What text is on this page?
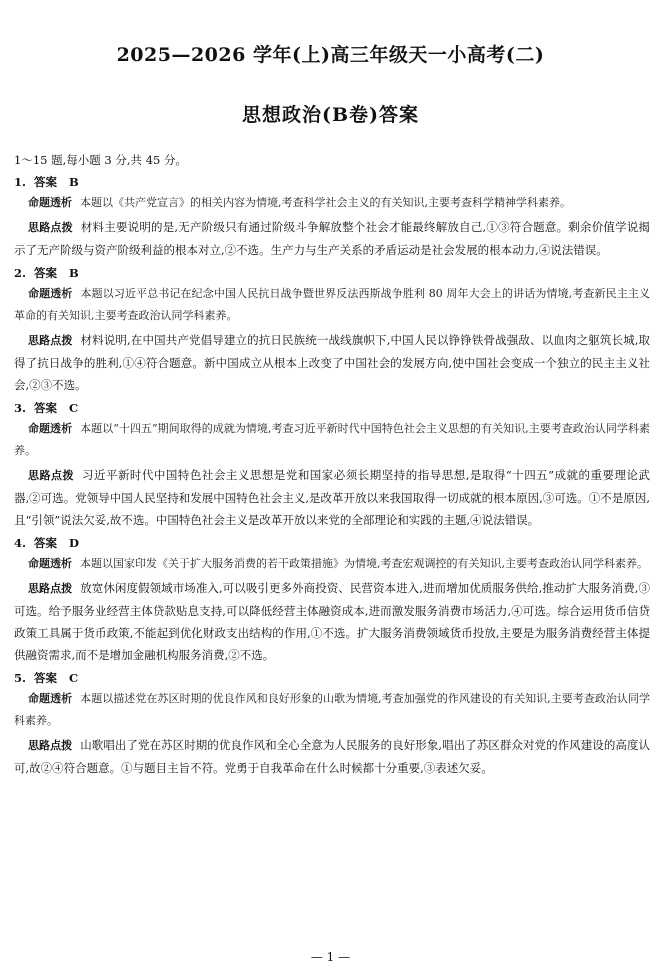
2025—2026 学年(上)高三年级天一小高考(二)
思想政治(B卷)答案
1～15 题,每小题 3 分,共 45 分。
1. 答案 B

命题透析 本题以《共产党宣言》的相关内容为情境,考查科学社会主义的有关知识,主要考查科学精神学科素养。

思路点拨 材料主要说明的是,无产阶级只有通过阶级斗争解放整个社会才能最终解放自己,①③符合题意。剩余价值学说揭示了无产阶级与资产阶级利益的根本对立,②不选。生产力与生产关系的矛盾运动是社会发展的根本动力,④说法错误。

2. 答案 B

命题透析 本题以习近平总书记在纪念中国人民抗日战争暨世界反法西斯战争胜利 80 周年大会上的讲话为情境,考查新民主主义革命的有关知识,主要考查政治认同学科素养。

思路点拨 材料说明,在中国共产党倡导建立的抗日民族统一战线旗帜下,中国人民以铮铮铁骨战强敌、以血肉之躯筑长城,取得了抗日战争的胜利,①④符合题意。新中国成立从根本上改变了中国社会的发展方向,使中国社会变成一个独立的民主主义社会,②③不选。

3. 答案 C

命题透析 本题以“十四五”期间取得的成就为情境,考查习近平新时代中国特色社会主义思想的有关知识,主要考查政治认同学科素养。

思路点拨 习近平新时代中国特色社会主义思想是党和国家必须长期坚持的指导思想,是取得“十四五”成就的重要理论武器,②可选。党领导中国人民坚持和发展中国特色社会主义,是改革开放以来我国取得一切成就的根本原因,③可选。①不是原因,且“引领”说法欠妥,故不选。中国特色社会主义是改革开放以来党的全部理论和实践的主题,④说法错误。

4. 答案 D

命题透析 本题以国家印发《关于扩大服务消费的若干政策措施》为情境,考查宏观调控的有关知识,主要考查政治认同学科素养。

思路点拨 放宽休闲度假领域市场准入,可以吸引更多外商投资、民营资本进入,进而增加优质服务供给,推动扩大服务消费,③可选。给予服务业经营主体贷款贴息支持,可以降低经营主体融资成本,进而激发服务消费市场活力,④可选。综合运用货币信贷政策工具属于货币政策,不能起到优化财政支出结构的作用,①不选。扩大服务消费领域货币投放,主要是为服务消费经营主体提供融资需求,而不是增加金融机构服务消费,②不选。

5. 答案 C

命题透析 本题以描述党在苏区时期的优良作风和良好形象的山歌为情境,考查加强党的作风建设的有关知识,主要考查政治认同学科素养。

思路点拨 山歌唱出了党在苏区时期的优良作风和全心全意为人民服务的良好形象,唱出了苏区群众对党的作风建设的高度认可,故②④符合题意。①与题目主旨不符。党勇于自我革命在什么时候都十分重要,③表述欠妥。

— 1 —
